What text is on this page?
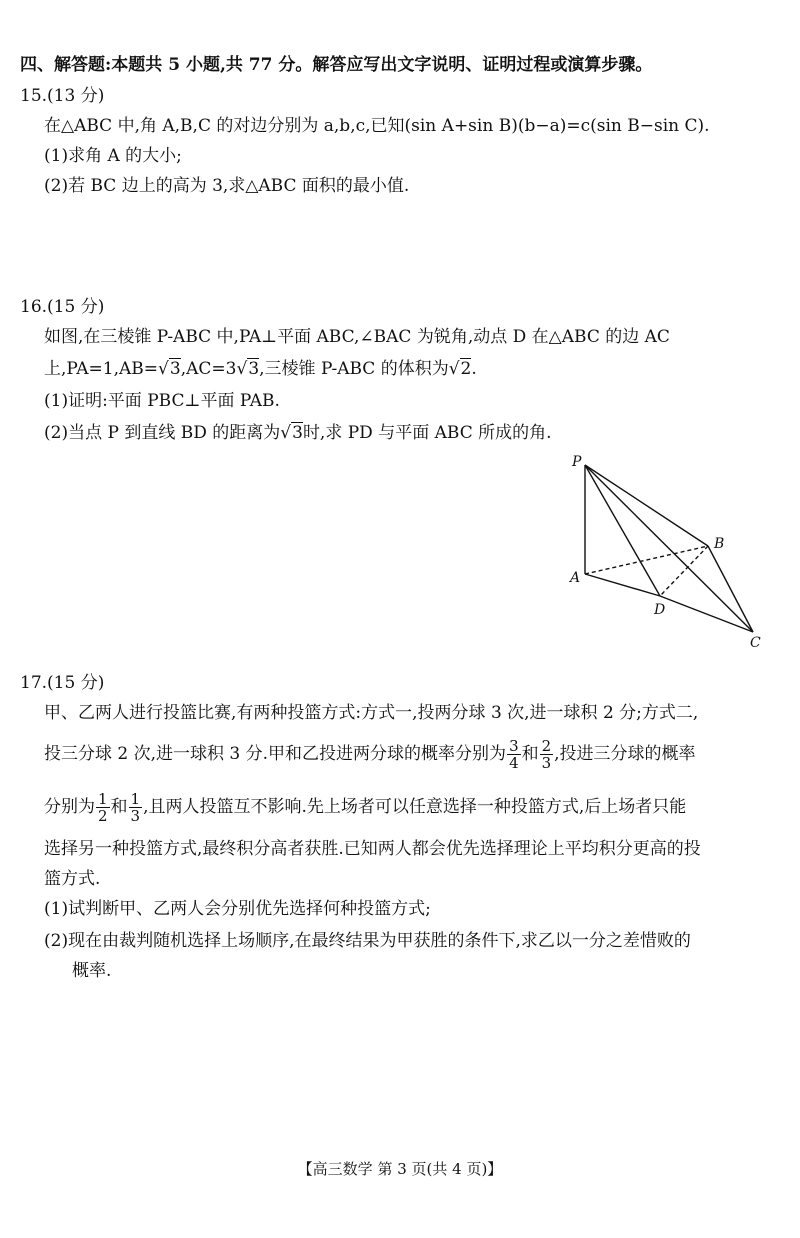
四、解答题:本题共 5 小题,共 77 分。解答应写出文字说明、证明过程或演算步骤。
15.(13 分)
在△ABC 中,角 A,B,C 的对边分别为 a,b,c,已知(sin A+sin B)(b−a)=c(sin B−sin C).
(1)求角 A 的大小;
(2)若 BC 边上的高为 3,求△ABC 面积的最小值.
16.(15 分)
如图,在三棱锥 P-ABC 中,PA⊥平面 ABC,∠BAC 为锐角,动点 D 在△ABC 的边 AC
上,PA=1,AB=√3,AC=3√3,三棱锥 P-ABC 的体积为√2.
(1)证明:平面 PBC⊥平面 PAB.
(2)当点 P 到直线 BD 的距离为√3时,求 PD 与平面 ABC 所成的角.
P
A
B
C
D
17.(15 分)
甲、乙两人进行投篮比赛,有两种投篮方式:方式一,投两分球 3 次,进一球积 2 分;方式二,
投三分球 2 次,进一球积 3 分.甲和乙投进两分球的概率分别为 $\frac{3}{4}$ 和 $\frac{2}{3}$ ,投进三分球的概率
分别为 $\frac{1}{2}$ 和 $\frac{1}{3}$ ,且两人投篮互不影响.先上场者可以任意选择一种投篮方式,后上场者只能
选择另一种投篮方式,最终积分高者获胜.已知两人都会优先选择理论上平均积分更高的投
篮方式.
(1)试判断甲、乙两人会分别优先选择何种投篮方式;
(2)现在由裁判随机选择上场顺序,在最终结果为甲获胜的条件下,求乙以一分之差惜败的
概率.
【高三数学 第 3 页(共 4 页)】
